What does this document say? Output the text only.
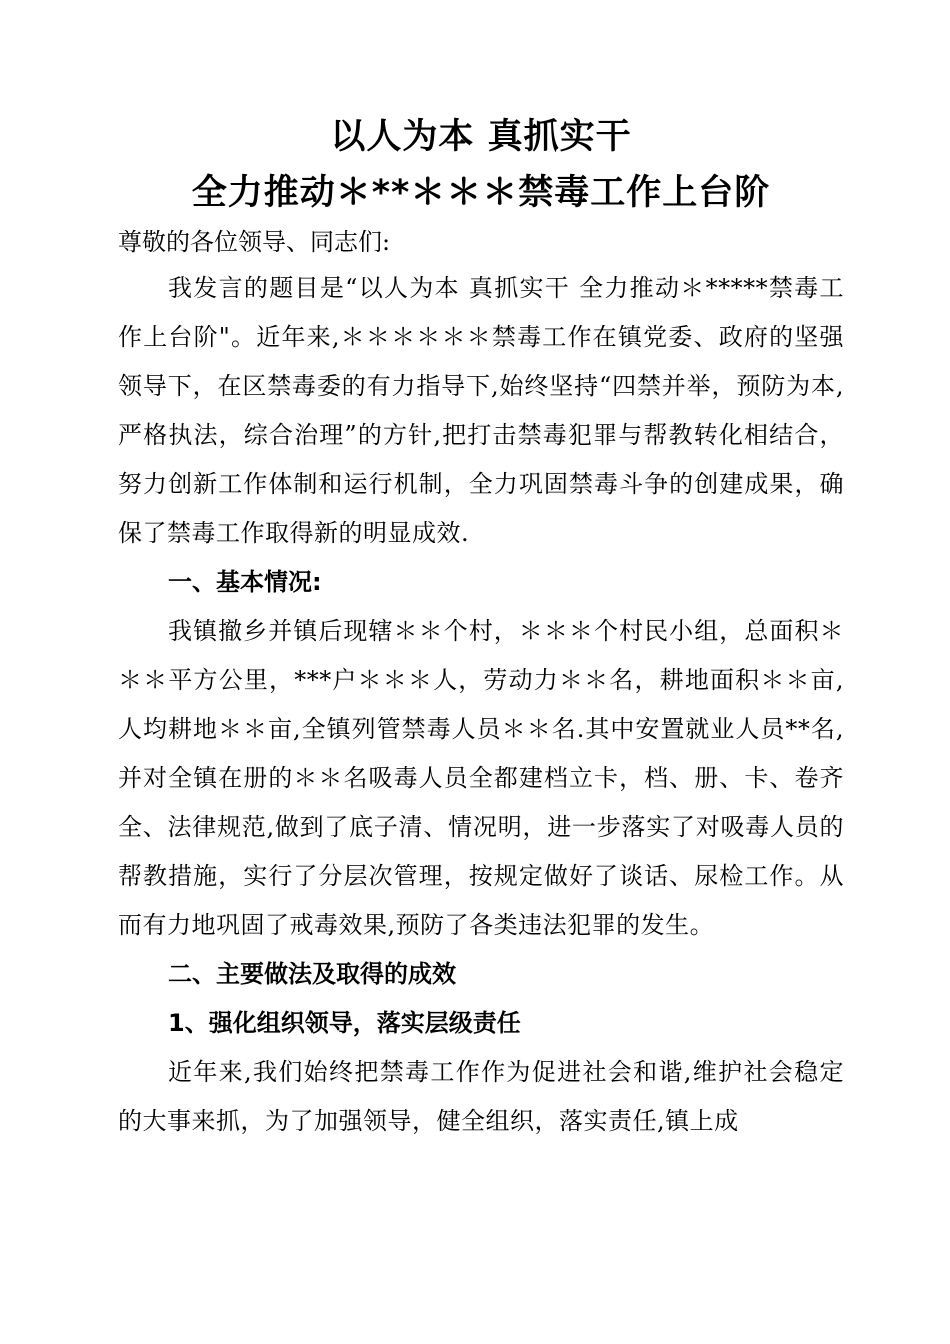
以人为本 真抓实干
全力推动＊**＊＊＊禁毒工作上台阶

尊敬的各位领导、同志们:

我发言的题目是“以人为本 真抓实干 全力推动＊*****禁毒工作上台阶"。近年来,＊＊＊＊＊＊禁毒工作在镇党委、政府的坚强领导下，在区禁毒委的有力指导下,始终坚持“四禁并举，预防为本,严格执法，综合治理”的方针,把打击禁毒犯罪与帮教转化相结合，努力创新工作体制和运行机制，全力巩固禁毒斗争的创建成果，确保了禁毒工作取得新的明显成效.

一、基本情况:

我镇撤乡并镇后现辖＊＊个村，＊＊＊个村民小组，总面积＊＊＊平方公里，***户＊＊＊人，劳动力＊＊名，耕地面积＊＊亩,人均耕地＊＊亩,全镇列管禁毒人员＊＊名.其中安置就业人员**名,并对全镇在册的＊＊名吸毒人员全都建档立卡，档、册、卡、卷齐全、法律规范,做到了底子清、情况明，进一步落实了对吸毒人员的帮教措施，实行了分层次管理，按规定做好了谈话、尿检工作。从而有力地巩固了戒毒效果,预防了各类违法犯罪的发生。

二、主要做法及取得的成效

1、强化组织领导，落实层级责任

近年来,我们始终把禁毒工作作为促进社会和谐,维护社会稳定的大事来抓，为了加强领导，健全组织，落实责任,镇上成
